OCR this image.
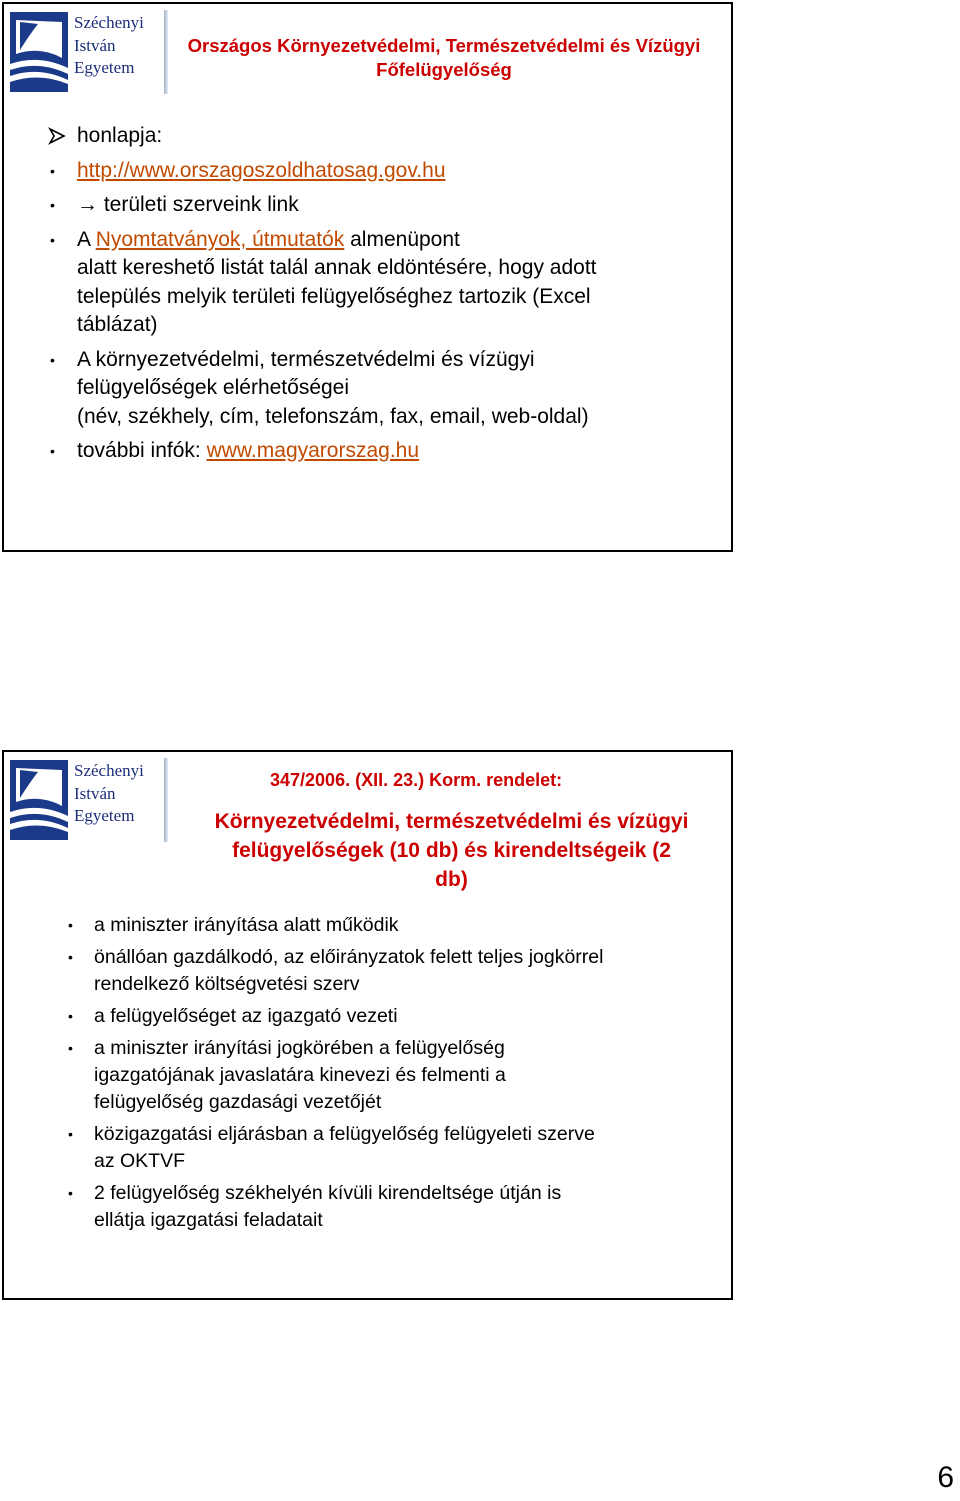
Széchenyi
István
Egyetem
Országos Környezetvédelmi, Természetvédelmi és Vízügyi Főfelügyelőség
honlapja:
• http://www.orszagoszoldhatosag.gov.hu
• → területi szerveink link
• A Nyomtatványok, útmutatók almenüpont
alatt kereshető listát talál annak eldöntésére, hogy adott
település melyik területi felügyelőséghez tartozik (Excel
táblázat)
• A környezetvédelmi, természetvédelmi és vízügyi
felügyelőségek elérhetőségei
(név, székhely, cím, telefonszám, fax, email, web-oldal)
• további infók: www.magyarorszag.hu
Széchenyi
István
Egyetem
347/2006. (XII. 23.) Korm. rendelet:
Környezetvédelmi, természetvédelmi és vízügyi
felügyelőségek (10 db) és kirendeltségeik (2
db)
• a miniszter irányítása alatt működik
• önállóan gazdálkodó, az előirányzatok felett teljes jogkörrel
rendelkező költségvetési szerv
• a felügyelőséget az igazgató vezeti
• a miniszter irányítási jogkörében a felügyelőség
igazgatójának javaslatára kinevezi és felmenti a
felügyelőség gazdasági vezetőjét
• közigazgatási eljárásban a felügyelőség felügyeleti szerve
az OKTVF
• 2 felügyelőség székhelyén kívüli kirendeltsége útján is
ellátja igazgatási feladatait
6
